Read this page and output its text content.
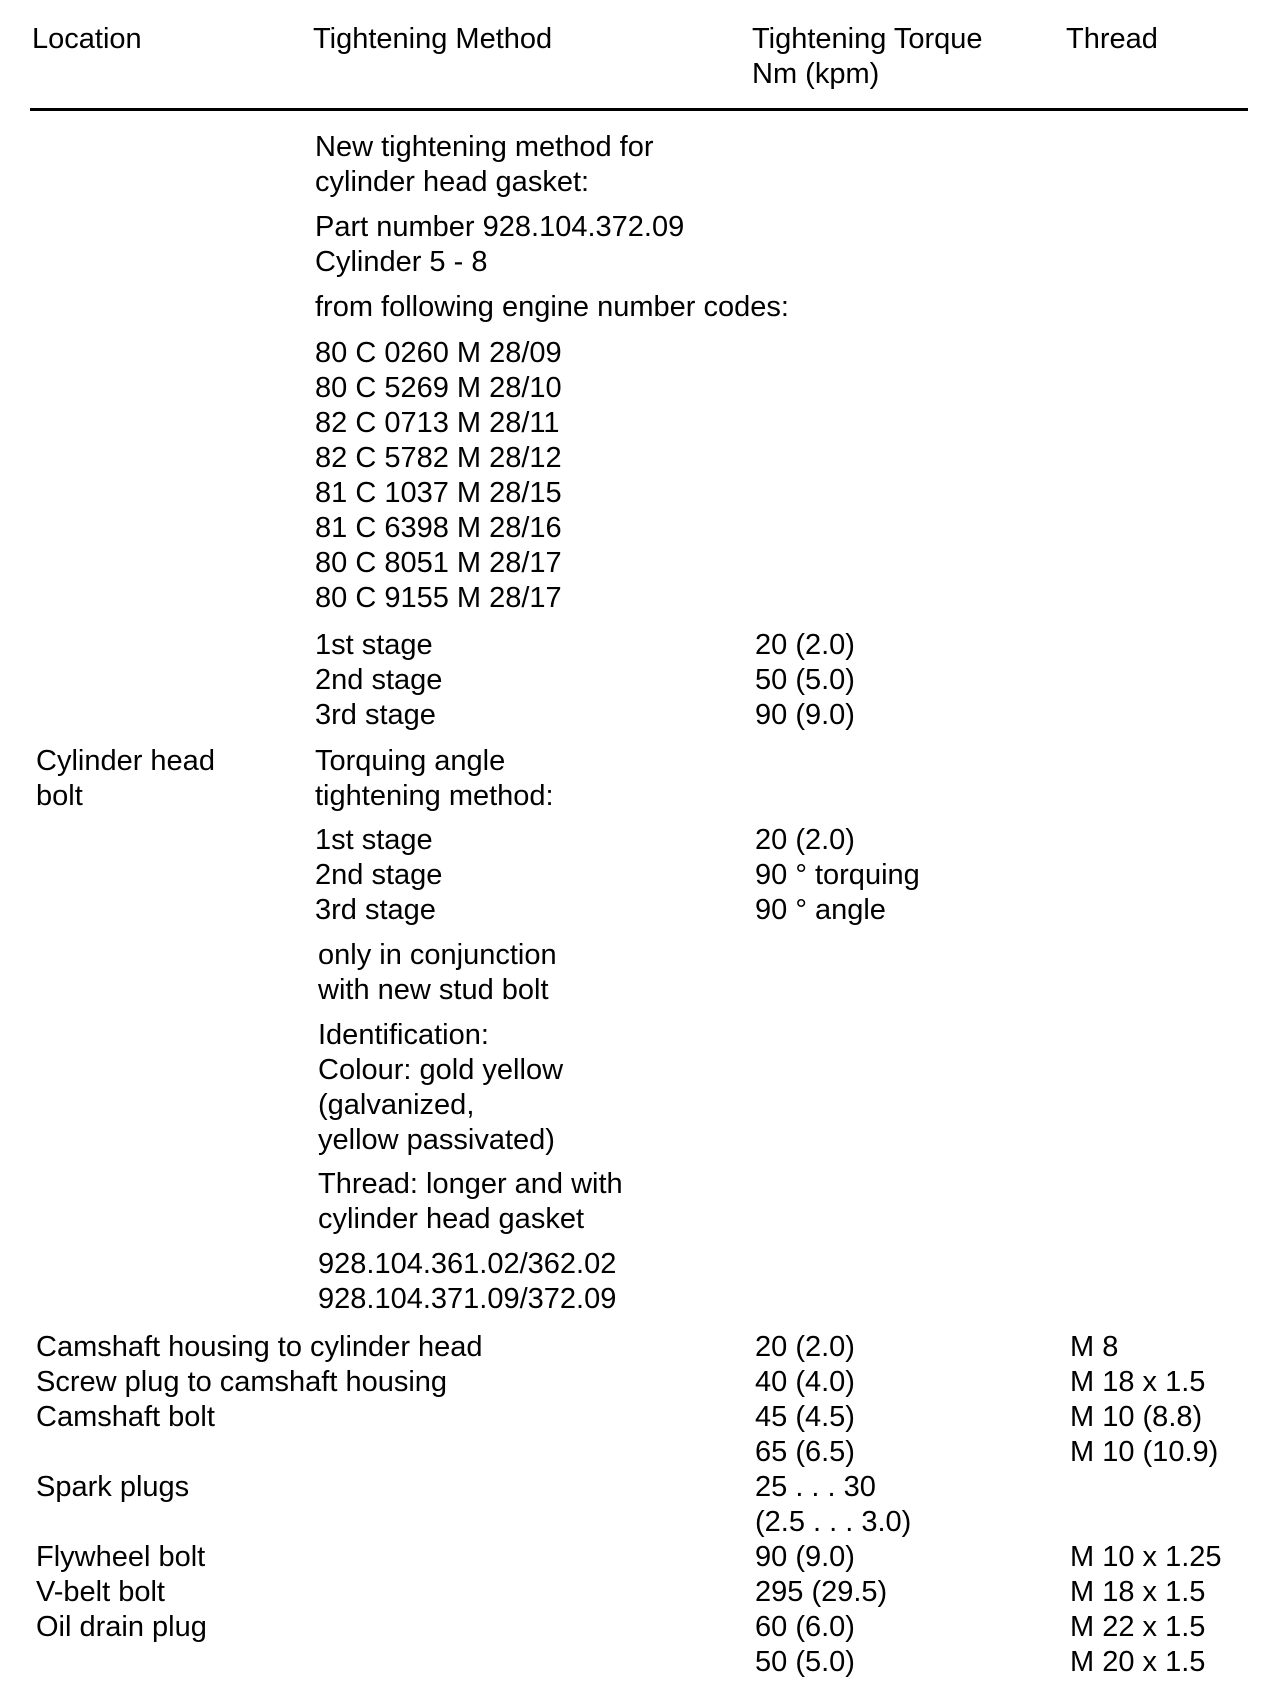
Location	Tightening Method	Tightening Torque
Nm (kpm)
Thread
New tightening method for
cylinder head gasket:
Part number 928.104.372.09
Cylinder 5 - 8
from following engine number codes:
80 C 0260 M 28/09
80 C 5269 M 28/10
82 C 0713 M 28/11
82 C 5782 M 28/12
81 C 1037 M 28/15
81 C 6398 M 28/16
80 C 8051 M 28/17
80 C 9155 M 28/17
1st stage
2nd stage
3rd stage
20 (2.0)
50 (5.0)
90 (9.0)
Cylinder head
bolt
Torquing angle
tightening method:
1st stage
2nd stage
3rd stage
20 (2.0)
90 ° torquing
90 ° angle
only in conjunction
with new stud bolt
Identification:
Colour: gold yellow
(galvanized,
yellow passivated)
Thread: longer and with
cylinder head gasket
928.104.361.02/362.02
928.104.371.09/372.09
Camshaft housing to cylinder head
Screw plug to camshaft housing
Camshaft bolt
Spark plugs
Flywheel bolt
V-belt bolt
Oil drain plug
20 (2.0)
40 (4.0)
45 (4.5)
65 (6.5)
25 . . . 30
(2.5 . . . 3.0)
90 (9.0)
295 (29.5)
60 (6.0)
50 (5.0)
M 8
M 18 x 1.5
M 10 (8.8)
M 10 (10.9)
M 10 x 1.25
M 18 x 1.5
M 22 x 1.5
M 20 x 1.5
